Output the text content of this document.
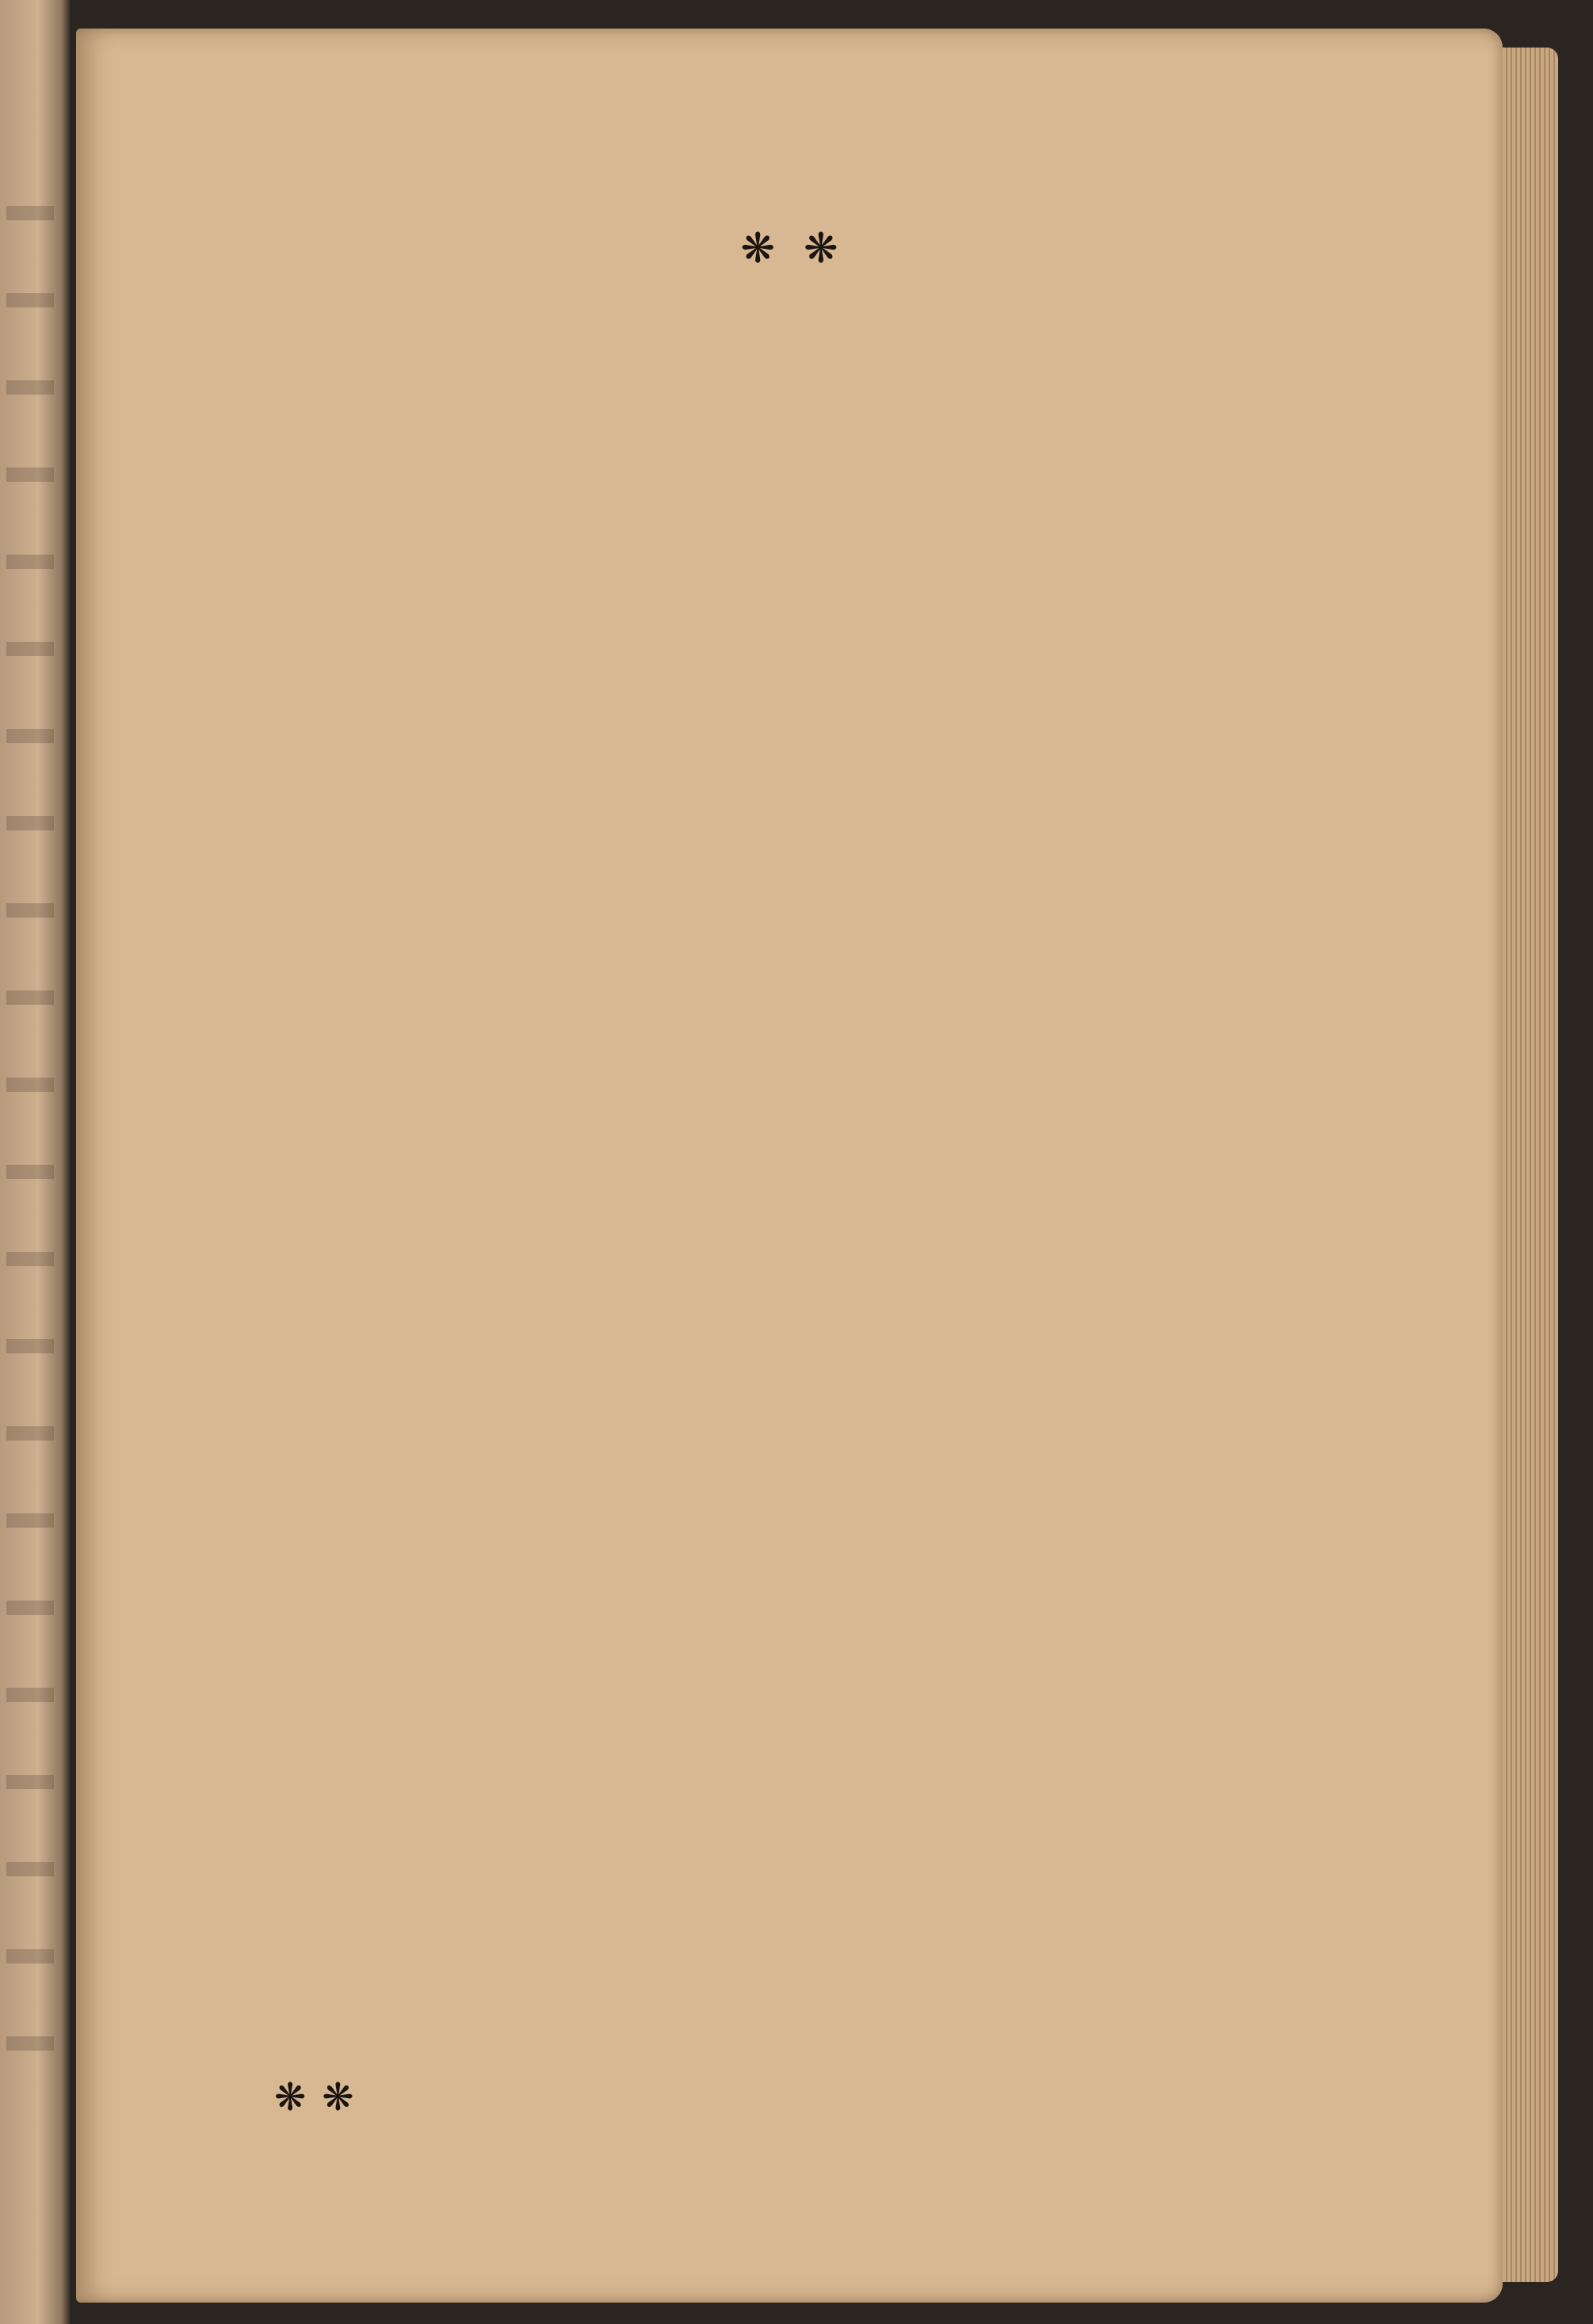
❋❋
❋❋
